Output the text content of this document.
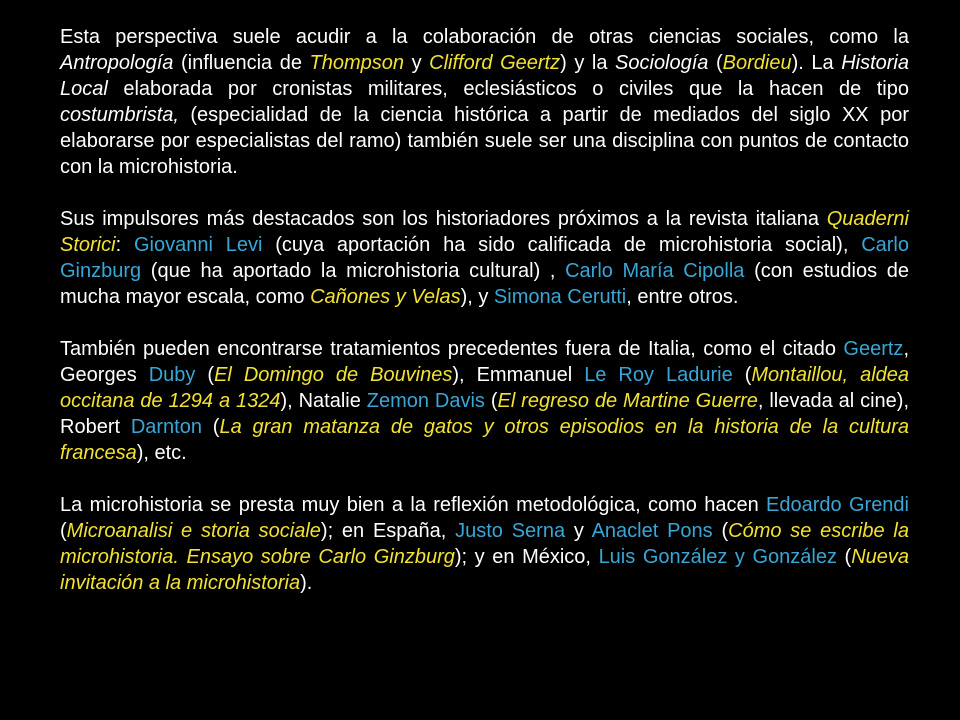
Esta perspectiva suele acudir a la colaboración de otras ciencias sociales, como la Antropología (influencia de Thompson y Clifford Geertz) y la Sociología (Bordieu). La Historia Local elaborada por cronistas militares, eclesiásticos o civiles que la hacen de tipo costumbrista, (especialidad de la ciencia histórica a partir de mediados del siglo XX por elaborarse por especialistas del ramo) también suele ser una disciplina con puntos de contacto con la microhistoria.

Sus impulsores más destacados son los historiadores próximos a la revista italiana Quaderni Storici: Giovanni Levi (cuya aportación ha sido calificada de microhistoria social), Carlo Ginzburg (que ha aportado la microhistoria cultural) , Carlo María Cipolla (con estudios de mucha mayor escala, como Cañones y Velas), y Simona Cerutti, entre otros.

También pueden encontrarse tratamientos precedentes fuera de Italia, como el citado Geertz, Georges Duby (El Domingo de Bouvines), Emmanuel Le Roy Ladurie (Montaillou, aldea occitana de 1294 a 1324), Natalie Zemon Davis (El regreso de Martine Guerre, llevada al cine), Robert Darnton (La gran matanza de gatos y otros episodios en la historia de la cultura francesa), etc.

La microhistoria se presta muy bien a la reflexión metodológica, como hacen Edoardo Grendi (Microanalisi e storia sociale); en España, Justo Serna y Anaclet Pons (Cómo se escribe la microhistoria. Ensayo sobre Carlo Ginzburg); y en México, Luis González y González (Nueva invitación a la microhistoria).
